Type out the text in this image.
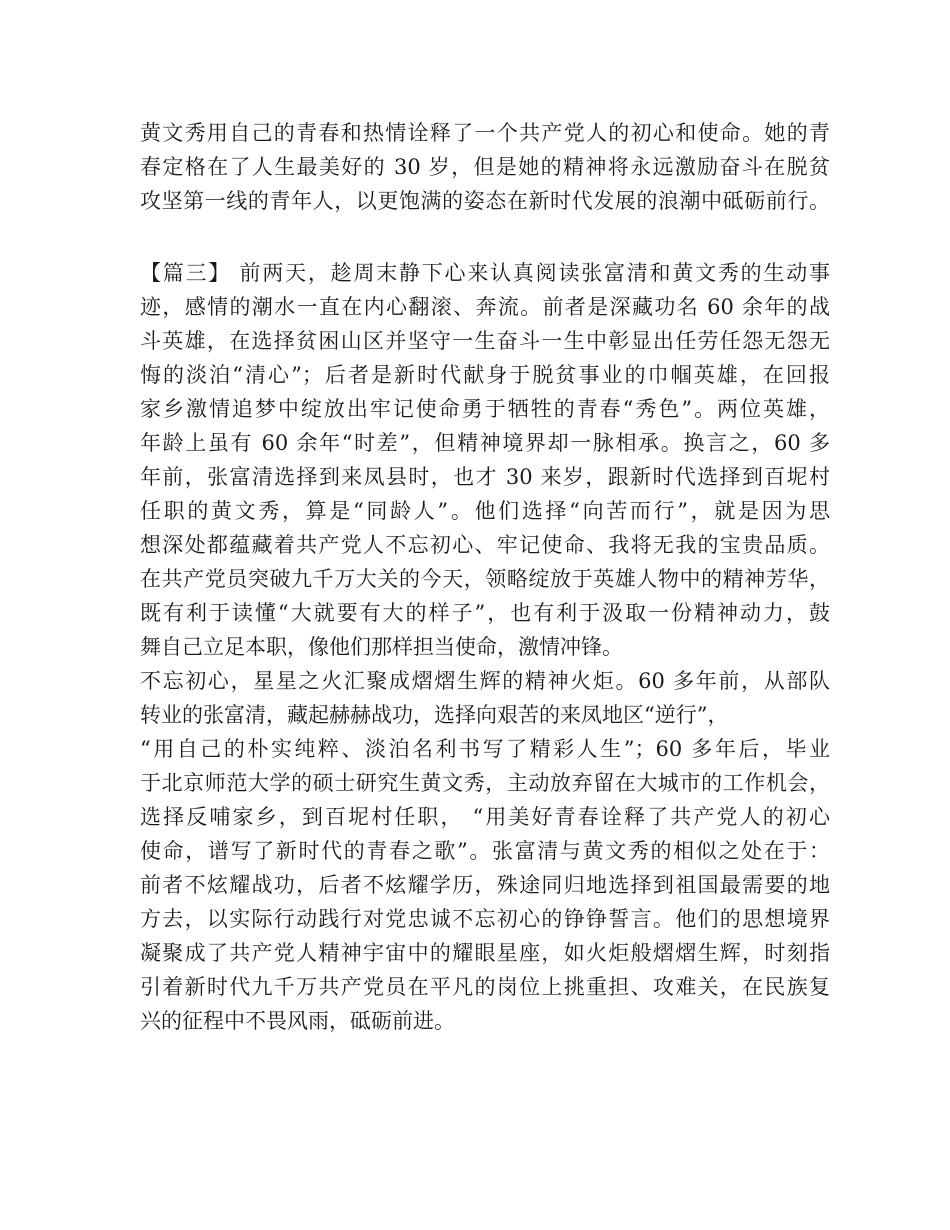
黄文秀用自己的青春和热情诠释了一个共产党人的初心和使命。她的青
春定格在了人生最美好的 30 岁，但是她的精神将永远激励奋斗在脱贫
攻坚第一线的青年人，以更饱满的姿态在新时代发展的浪潮中砥砺前行。
【篇三】 前两天，趁周末静下心来认真阅读张富清和黄文秀的生动事
迹，感情的潮水一直在内心翻滚、奔流。前者是深藏功名 60 余年的战
斗英雄，在选择贫困山区并坚守一生奋斗一生中彰显出任劳任怨无怨无
悔的淡泊“清心”；后者是新时代献身于脱贫事业的巾帼英雄，在回报
家乡激情追梦中绽放出牢记使命勇于牺牲的青春“秀色”。两位英雄，
年龄上虽有 60 余年“时差”，但精神境界却一脉相承。换言之，60 多
年前，张富清选择到来凤县时，也才 30 来岁，跟新时代选择到百坭村
任职的黄文秀，算是“同龄人”。他们选择“向苦而行”，就是因为思
想深处都蕴藏着共产党人不忘初心、牢记使命、我将无我的宝贵品质。
在共产党员突破九千万大关的今天，领略绽放于英雄人物中的精神芳华，
既有利于读懂“大就要有大的样子”，也有利于汲取一份精神动力，鼓
舞自己立足本职，像他们那样担当使命，激情冲锋。
不忘初心，星星之火汇聚成熠熠生辉的精神火炬。60 多年前，从部队
转业的张富清，藏起赫赫战功，选择向艰苦的来凤地区“逆行”，
“用自己的朴实纯粹、淡泊名利书写了精彩人生”；60 多年后，毕业
于北京师范大学的硕士研究生黄文秀，主动放弃留在大城市的工作机会，
选择反哺家乡，到百坭村任职， “用美好青春诠释了共产党人的初心
使命，谱写了新时代的青春之歌”。张富清与黄文秀的相似之处在于：
前者不炫耀战功，后者不炫耀学历，殊途同归地选择到祖国最需要的地
方去，以实际行动践行对党忠诚不忘初心的铮铮誓言。他们的思想境界
凝聚成了共产党人精神宇宙中的耀眼星座，如火炬般熠熠生辉，时刻指
引着新时代九千万共产党员在平凡的岗位上挑重担、攻难关，在民族复
兴的征程中不畏风雨，砥砺前进。
